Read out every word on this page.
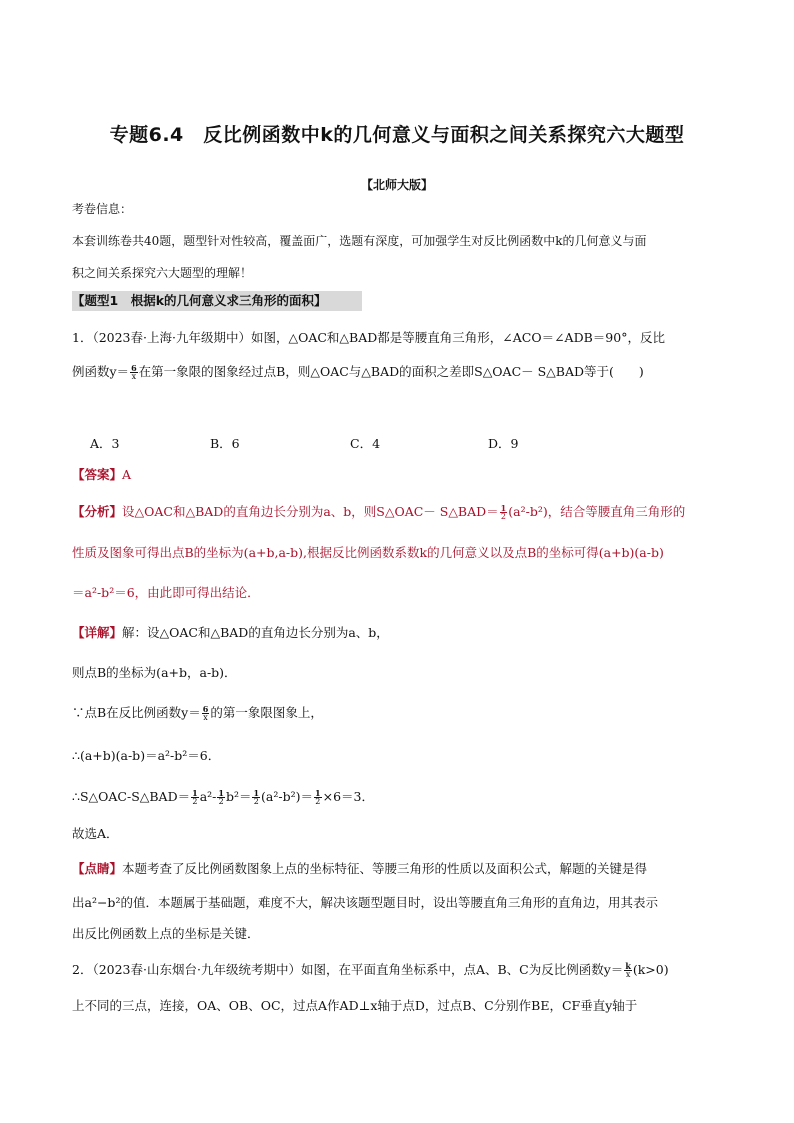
专题6.4　反比例函数中k的几何意义与面积之间关系探究六大题型
【北师大版】
考卷信息：
本套训练卷共40题，题型针对性较高，覆盖面广，选题有深度，可加强学生对反比例函数中k的几何意义与面
积之间关系探究六大题型的理解！
【题型1　根据k的几何意义求三角形的面积】
1．（2023春·上海·九年级期中）如图，△OAC和△BAD都是等腰直角三角形，∠ACO＝∠ADB＝90°，反比
例函数$y= \frac{6}{x}$ 在第一象限的图象经过点B，则△OAC与△BAD的面积之差即S△OAC－ S△BAD等于(　　)
A．3	B．6	C．4	D．9
【答案】A
【分析】设△OAC和△BAD的直角边长分别为a、b，则S△OAC－ S△BAD＝ $\frac{1}{2} (a^2-b^2)$，结合等腰直角三角形的
性质及图象可得出点B的坐标为(a+b,a-b),根据反比例函数系数k的几何意义以及点B的坐标可得(a+b)(a-b)
＝a²-b²＝6，由此即可得出结论．
【详解】解：设△OAC和△BAD的直角边长分别为a、b，
则点B的坐标为(a+b，a-b)．
∵点B在反比例函数$y= \frac{6}{x}$ 的第一象限图象上，
∴(a+b)(a-b)＝a²-b²＝6．
∴S△OAC-S△BAD＝ $\frac{1}{2} a^2- \frac{1}{2} b^2= \frac{1}{2} (a^2-b^2)= \frac{1}{2} \times 6=3$．
故选A．
【点睛】本题考查了反比例函数图象上点的坐标特征、等腰三角形的性质以及面积公式，解题的关键是得
出a²−b²的值．本题属于基础题，难度不大，解决该题型题目时，设出等腰直角三角形的直角边，用其表示
出反比例函数上点的坐标是关键．
2．（2023春·山东烟台·九年级统考期中）如图，在平面直角坐标系中，点A、B、C为反比例函数$y= \frac{k}{x} (k>0)$
上不同的三点，连接，OA、OB、OC，过点A作AD⊥x轴于点D，过点B、C分别作BE，CF垂直y轴于
